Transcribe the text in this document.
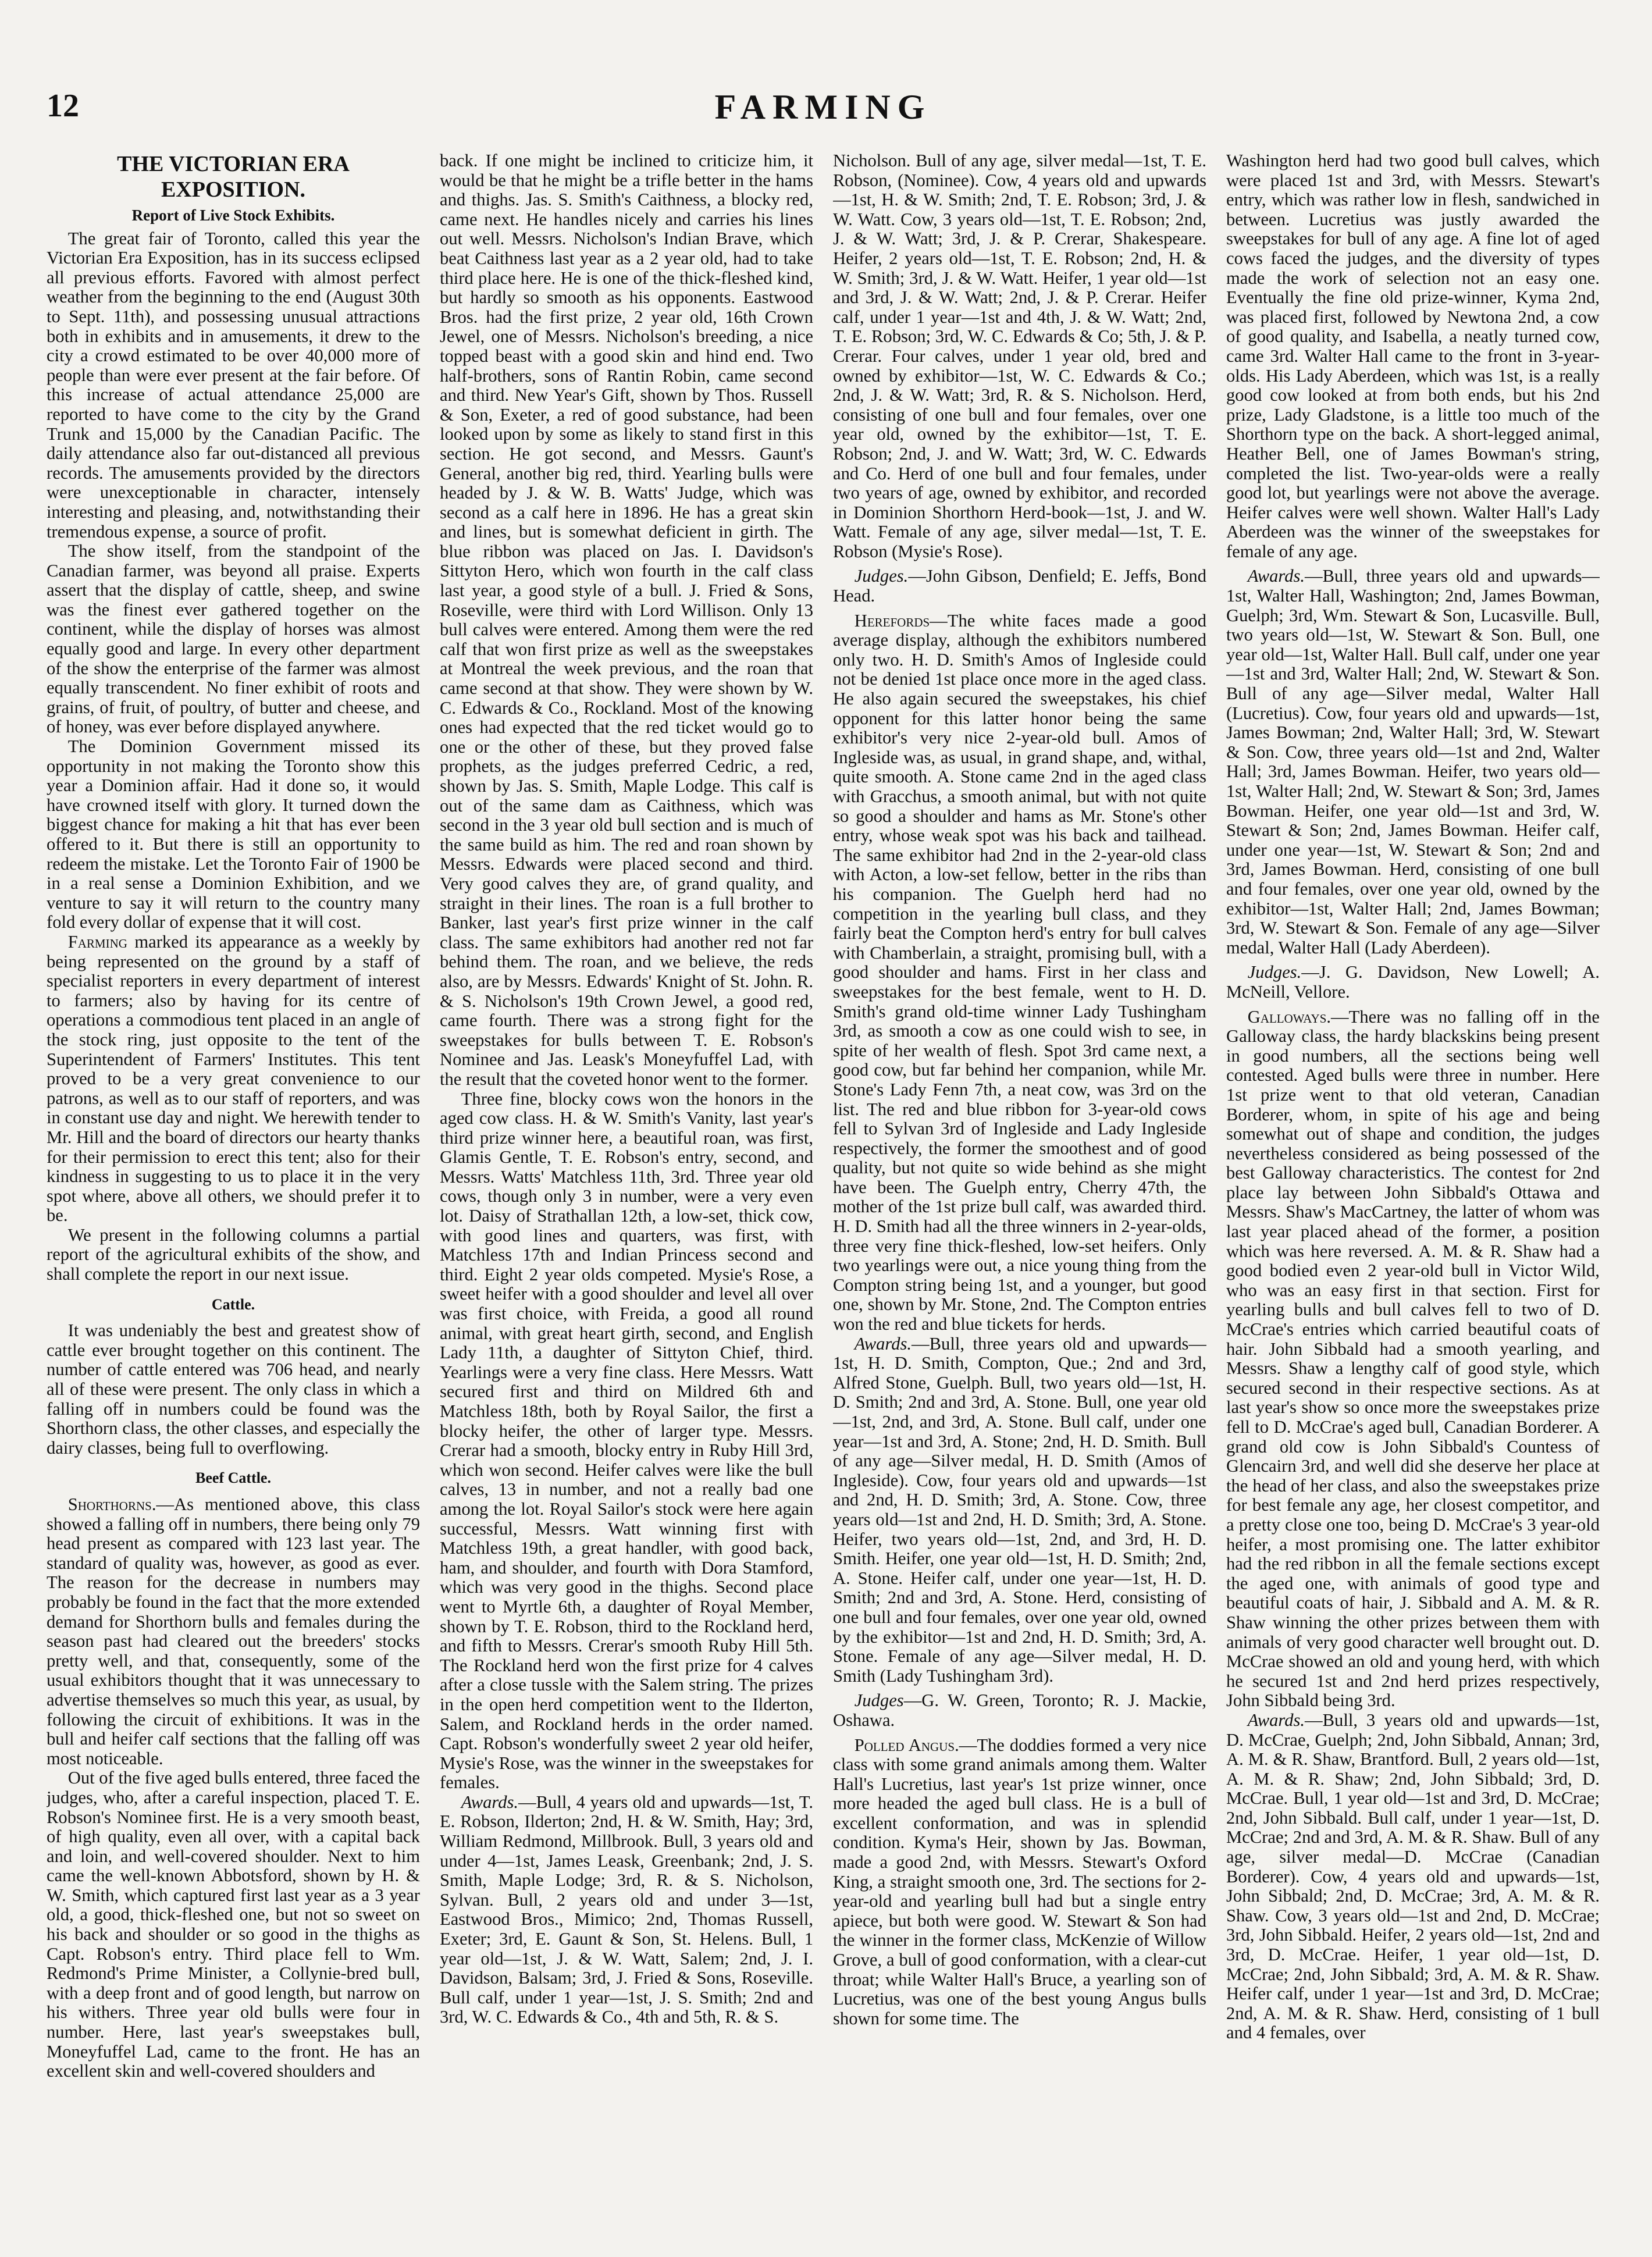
12	FARMING
THE VICTORIAN ERA EXPOSITION.
Report of Live Stock Exhibits.

The great fair of Toronto, called this year the Victorian Era Exposition, has in its success eclipsed all previous efforts. Favored with almost perfect weather from the beginning to the end (August 30th to Sept. 11th), and possessing unusual attractions both in exhibits and in amusements, it drew to the city a crowd estimated to be over 40,000 more of people than were ever present at the fair before. Of this increase of actual attendance 25,000 are reported to have come to the city by the Grand Trunk and 15,000 by the Canadian Pacific. The daily attendance also far out-distanced all previous records. The amusements provided by the directors were unexceptionable in character, intensely interesting and pleasing, and, notwithstanding their tremendous expense, a source of profit.

The show itself, from the standpoint of the Canadian farmer, was beyond all praise. Experts assert that the display of cattle, sheep, and swine was the finest ever gathered together on the continent, while the display of horses was almost equally good and large. In every other department of the show the enterprise of the farmer was almost equally transcendent. No finer exhibit of roots and grains, of fruit, of poultry, of butter and cheese, and of honey, was ever before displayed anywhere.

The Dominion Government missed its opportunity in not making the Toronto show this year a Dominion affair. Had it done so, it would have crowned itself with glory. It turned down the biggest chance for making a hit that has ever been offered to it. But there is still an opportunity to redeem the mistake. Let the Toronto Fair of 1900 be in a real sense a Dominion Exhibition, and we venture to say it will return to the country many fold every dollar of expense that it will cost.

Farming marked its appearance as a weekly by being represented on the ground by a staff of specialist reporters in every department of interest to farmers; also by having for its centre of operations a commodious tent placed in an angle of the stock ring, just opposite to the tent of the Superintendent of Farmers' Institutes. This tent proved to be a very great convenience to our patrons, as well as to our staff of reporters, and was in constant use day and night. We herewith tender to Mr. Hill and the board of directors our hearty thanks for their permission to erect this tent; also for their kindness in suggesting to us to place it in the very spot where, above all others, we should prefer it to be.

We present in the following columns a partial report of the agricultural exhibits of the show, and shall complete the report in our next issue.

Cattle.

It was undeniably the best and greatest show of cattle ever brought together on this continent. The number of cattle entered was 706 head, and nearly all of these were present. The only class in which a falling off in numbers could be found was the Shorthorn class, the other classes, and especially the dairy classes, being full to overflowing.

Beef Cattle.

Shorthorns.—As mentioned above, this class showed a falling off in numbers, there being only 79 head present as compared with 123 last year. The standard of quality was, however, as good as ever. The reason for the decrease in numbers may probably be found in the fact that the more extended demand for Shorthorn bulls and females during the season past had cleared out the breeders' stocks pretty well, and that, consequently, some of the usual exhibitors thought that it was unnecessary to advertise themselves so much this year, as usual, by following the circuit of exhibitions. It was in the bull and heifer calf sections that the falling off was most noticeable.

Out of the five aged bulls entered, three faced the judges, who, after a careful inspection, placed T. E. Robson's Nominee first. He is a very smooth beast, of high quality, even all over, with a capital back and loin, and well-covered shoulder. Next to him came the well-known Abbotsford, shown by H. & W. Smith, which captured first last year as a 3 year old, a good, thick-fleshed one, but not so sweet on his back and shoulder or so good in the thighs as Capt. Robson's entry. Third place fell to Wm. Redmond's Prime Minister, a Collynie-bred bull, with a deep front and of good length, but narrow on his withers. Three year old bulls were four in number. Here, last year's sweepstakes bull, Moneyfuffel Lad, came to the front. He has an excellent skin and well-covered shoulders and

back. If one might be inclined to criticize him, it would be that he might be a trifle better in the hams and thighs. Jas. S. Smith's Caithness, a blocky red, came next. He handles nicely and carries his lines out well. Messrs. Nicholson's Indian Brave, which beat Caithness last year as a 2 year old, had to take third place here. He is one of the thick-fleshed kind, but hardly so smooth as his opponents. Eastwood Bros. had the first prize, 2 year old, 16th Crown Jewel, one of Messrs. Nicholson's breeding, a nice topped beast with a good skin and hind end. Two half-brothers, sons of Rantin Robin, came second and third. New Year's Gift, shown by Thos. Russell & Son, Exeter, a red of good substance, had been looked upon by some as likely to stand first in this section. He got second, and Messrs. Gaunt's General, another big red, third. Yearling bulls were headed by J. & W. B. Watts' Judge, which was second as a calf here in 1896. He has a great skin and lines, but is somewhat deficient in girth. The blue ribbon was placed on Jas. I. Davidson's Sittyton Hero, which won fourth in the calf class last year, a good style of a bull. J. Fried & Sons, Roseville, were third with Lord Willison. Only 13 bull calves were entered. Among them were the red calf that won first prize as well as the sweepstakes at Montreal the week previous, and the roan that came second at that show. They were shown by W. C. Edwards & Co., Rockland. Most of the knowing ones had expected that the red ticket would go to one or the other of these, but they proved false prophets, as the judges preferred Cedric, a red, shown by Jas. S. Smith, Maple Lodge. This calf is out of the same dam as Caithness, which was second in the 3 year old bull section and is much of the same build as him. The red and roan shown by Messrs. Edwards were placed second and third. Very good calves they are, of grand quality, and straight in their lines. The roan is a full brother to Banker, last year's first prize winner in the calf class. The same exhibitors had another red not far behind them. The roan, and we believe, the reds also, are by Messrs. Edwards' Knight of St. John. R. & S. Nicholson's 19th Crown Jewel, a good red, came fourth. There was a strong fight for the sweepstakes for bulls between T. E. Robson's Nominee and Jas. Leask's Moneyfuffel Lad, with the result that the coveted honor went to the former.

Three fine, blocky cows won the honors in the aged cow class. H. & W. Smith's Vanity, last year's third prize winner here, a beautiful roan, was first, Glamis Gentle, T. E. Robson's entry, second, and Messrs. Watts' Matchless 11th, 3rd. Three year old cows, though only 3 in number, were a very even lot. Daisy of Strathallan 12th, a low-set, thick cow, with good lines and quarters, was first, with Matchless 17th and Indian Princess second and third. Eight 2 year olds competed. Mysie's Rose, a sweet heifer with a good shoulder and level all over was first choice, with Freida, a good all round animal, with great heart girth, second, and English Lady 11th, a daughter of Sittyton Chief, third. Yearlings were a very fine class. Here Messrs. Watt secured first and third on Mildred 6th and Matchless 18th, both by Royal Sailor, the first a blocky heifer, the other of larger type. Messrs. Crerar had a smooth, blocky entry in Ruby Hill 3rd, which won second. Heifer calves were like the bull calves, 13 in number, and not a really bad one among the lot. Royal Sailor's stock were here again successful, Messrs. Watt winning first with Matchless 19th, a great handler, with good back, ham, and shoulder, and fourth with Dora Stamford, which was very good in the thighs. Second place went to Myrtle 6th, a daughter of Royal Member, shown by T. E. Robson, third to the Rockland herd, and fifth to Messrs. Crerar's smooth Ruby Hill 5th. The Rockland herd won the first prize for 4 calves after a close tussle with the Salem string. The prizes in the open herd competition went to the Ilderton, Salem, and Rockland herds in the order named. Capt. Robson's wonderfully sweet 2 year old heifer, Mysie's Rose, was the winner in the sweepstakes for females.

Awards.—Bull, 4 years old and upwards—1st, T. E. Robson, Ilderton; 2nd, H. & W. Smith, Hay; 3rd, William Redmond, Millbrook. Bull, 3 years old and under 4—1st, James Leask, Greenbank; 2nd, J. S. Smith, Maple Lodge; 3rd, R. & S. Nicholson, Sylvan. Bull, 2 years old and under 3—1st, Eastwood Bros., Mimico; 2nd, Thomas Russell, Exeter; 3rd, E. Gaunt & Son, St. Helens. Bull, 1 year old—1st, J. & W. Watt, Salem; 2nd, J. I. Davidson, Balsam; 3rd, J. Fried & Sons, Roseville. Bull calf, under 1 year—1st, J. S. Smith; 2nd and 3rd, W. C. Edwards & Co., 4th and 5th, R. & S.

Nicholson. Bull of any age, silver medal—1st, T. E. Robson, (Nominee). Cow, 4 years old and upwards—1st, H. & W. Smith; 2nd, T. E. Robson; 3rd, J. & W. Watt. Cow, 3 years old—1st, T. E. Robson; 2nd, J. & W. Watt; 3rd, J. & P. Crerar, Shakespeare. Heifer, 2 years old—1st, T. E. Robson; 2nd, H. & W. Smith; 3rd, J. & W. Watt. Heifer, 1 year old—1st and 3rd, J. & W. Watt; 2nd, J. & P. Crerar. Heifer calf, under 1 year—1st and 4th, J. & W. Watt; 2nd, T. E. Robson; 3rd, W. C. Edwards & Co; 5th, J. & P. Crerar. Four calves, under 1 year old, bred and owned by exhibitor—1st, W. C. Edwards & Co.; 2nd, J. & W. Watt; 3rd, R. & S. Nicholson. Herd, consisting of one bull and four females, over one year old, owned by the exhibitor—1st, T. E. Robson; 2nd, J. and W. Watt; 3rd, W. C. Edwards and Co. Herd of one bull and four females, under two years of age, owned by exhibitor, and recorded in Dominion Shorthorn Herd-book—1st, J. and W. Watt. Female of any age, silver medal—1st, T. E. Robson (Mysie's Rose).

Judges.—John Gibson, Denfield; E. Jeffs, Bond Head.

Herefords—The white faces made a good average display, although the exhibitors numbered only two. H. D. Smith's Amos of Ingleside could not be denied 1st place once more in the aged class. He also again secured the sweepstakes, his chief opponent for this latter honor being the same exhibitor's very nice 2-year-old bull. Amos of Ingleside was, as usual, in grand shape, and, withal, quite smooth. A. Stone came 2nd in the aged class with Gracchus, a smooth animal, but with not quite so good a shoulder and hams as Mr. Stone's other entry, whose weak spot was his back and tailhead. The same exhibitor had 2nd in the 2-year-old class with Acton, a low-set fellow, better in the ribs than his companion. The Guelph herd had no competition in the yearling bull class, and they fairly beat the Compton herd's entry for bull calves with Chamberlain, a straight, promising bull, with a good shoulder and hams. First in her class and sweepstakes for the best female, went to H. D. Smith's grand old-time winner Lady Tushingham 3rd, as smooth a cow as one could wish to see, in spite of her wealth of flesh. Spot 3rd came next, a good cow, but far behind her companion, while Mr. Stone's Lady Fenn 7th, a neat cow, was 3rd on the list. The red and blue ribbon for 3-year-old cows fell to Sylvan 3rd of Ingleside and Lady Ingleside respectively, the former the smoothest and of good quality, but not quite so wide behind as she might have been. The Guelph entry, Cherry 47th, the mother of the 1st prize bull calf, was awarded third. H. D. Smith had all the three winners in 2-year-olds, three very fine thick-fleshed, low-set heifers. Only two yearlings were out, a nice young thing from the Compton string being 1st, and a younger, but good one, shown by Mr. Stone, 2nd. The Compton entries won the red and blue tickets for herds.

Awards.—Bull, three years old and upwards—1st, H. D. Smith, Compton, Que.; 2nd and 3rd, Alfred Stone, Guelph. Bull, two years old—1st, H. D. Smith; 2nd and 3rd, A. Stone. Bull, one year old—1st, 2nd, and 3rd, A. Stone. Bull calf, under one year—1st and 3rd, A. Stone; 2nd, H. D. Smith. Bull of any age—Silver medal, H. D. Smith (Amos of Ingleside). Cow, four years old and upwards—1st and 2nd, H. D. Smith; 3rd, A. Stone. Cow, three years old—1st and 2nd, H. D. Smith; 3rd, A. Stone. Heifer, two years old—1st, 2nd, and 3rd, H. D. Smith. Heifer, one year old—1st, H. D. Smith; 2nd, A. Stone. Heifer calf, under one year—1st, H. D. Smith; 2nd and 3rd, A. Stone. Herd, consisting of one bull and four females, over one year old, owned by the exhibitor—1st and 2nd, H. D. Smith; 3rd, A. Stone. Female of any age—Silver medal, H. D. Smith (Lady Tushingham 3rd).

Judges—G. W. Green, Toronto; R. J. Mackie, Oshawa.

Polled Angus.—The doddies formed a very nice class with some grand animals among them. Walter Hall's Lucretius, last year's 1st prize winner, once more headed the aged bull class. He is a bull of excellent conformation, and was in splendid condition. Kyma's Heir, shown by Jas. Bowman, made a good 2nd, with Messrs. Stewart's Oxford King, a straight smooth one, 3rd. The sections for 2-year-old and yearling bull had but a single entry apiece, but both were good. W. Stewart & Son had the winner in the former class, McKenzie of Willow Grove, a bull of good conformation, with a clear-cut throat; while Walter Hall's Bruce, a yearling son of Lucretius, was one of the best young Angus bulls shown for some time. The

Washington herd had two good bull calves, which were placed 1st and 3rd, with Messrs. Stewart's entry, which was rather low in flesh, sandwiched in between. Lucretius was justly awarded the sweepstakes for bull of any age. A fine lot of aged cows faced the judges, and the diversity of types made the work of selection not an easy one. Eventually the fine old prize-winner, Kyma 2nd, was placed first, followed by Newtona 2nd, a cow of good quality, and Isabella, a neatly turned cow, came 3rd. Walter Hall came to the front in 3-year-olds. His Lady Aberdeen, which was 1st, is a really good cow looked at from both ends, but his 2nd prize, Lady Gladstone, is a little too much of the Shorthorn type on the back. A short-legged animal, Heather Bell, one of James Bowman's string, completed the list. Two-year-olds were a really good lot, but yearlings were not above the average. Heifer calves were well shown. Walter Hall's Lady Aberdeen was the winner of the sweepstakes for female of any age.

Awards.—Bull, three years old and upwards—1st, Walter Hall, Washington; 2nd, James Bowman, Guelph; 3rd, Wm. Stewart & Son, Lucasville. Bull, two years old—1st, W. Stewart & Son. Bull, one year old—1st, Walter Hall. Bull calf, under one year—1st and 3rd, Walter Hall; 2nd, W. Stewart & Son. Bull of any age—Silver medal, Walter Hall (Lucretius). Cow, four years old and upwards—1st, James Bowman; 2nd, Walter Hall; 3rd, W. Stewart & Son. Cow, three years old—1st and 2nd, Walter Hall; 3rd, James Bowman. Heifer, two years old—1st, Walter Hall; 2nd, W. Stewart & Son; 3rd, James Bowman. Heifer, one year old—1st and 3rd, W. Stewart & Son; 2nd, James Bowman. Heifer calf, under one year—1st, W. Stewart & Son; 2nd and 3rd, James Bowman. Herd, consisting of one bull and four females, over one year old, owned by the exhibitor—1st, Walter Hall; 2nd, James Bowman; 3rd, W. Stewart & Son. Female of any age—Silver medal, Walter Hall (Lady Aberdeen).

Judges.—J. G. Davidson, New Lowell; A. McNeill, Vellore.

Galloways.—There was no falling off in the Galloway class, the hardy blackskins being present in good numbers, all the sections being well contested. Aged bulls were three in number. Here 1st prize went to that old veteran, Canadian Borderer, whom, in spite of his age and being somewhat out of shape and condition, the judges nevertheless considered as being possessed of the best Galloway characteristics. The contest for 2nd place lay between John Sibbald's Ottawa and Messrs. Shaw's MacCartney, the latter of whom was last year placed ahead of the former, a position which was here reversed. A. M. & R. Shaw had a good bodied even 2 year-old bull in Victor Wild, who was an easy first in that section. First for yearling bulls and bull calves fell to two of D. McCrae's entries which carried beautiful coats of hair. John Sibbald had a smooth yearling, and Messrs. Shaw a lengthy calf of good style, which secured second in their respective sections. As at last year's show so once more the sweepstakes prize fell to D. McCrae's aged bull, Canadian Borderer. A grand old cow is John Sibbald's Countess of Glencairn 3rd, and well did she deserve her place at the head of her class, and also the sweepstakes prize for best female any age, her closest competitor, and a pretty close one too, being D. McCrae's 3 year-old heifer, a most promising one. The latter exhibitor had the red ribbon in all the female sections except the aged one, with animals of good type and beautiful coats of hair, J. Sibbald and A. M. & R. Shaw winning the other prizes between them with animals of very good character well brought out. D. McCrae showed an old and young herd, with which he secured 1st and 2nd herd prizes respectively, John Sibbald being 3rd.

Awards.—Bull, 3 years old and upwards—1st, D. McCrae, Guelph; 2nd, John Sibbald, Annan; 3rd, A. M. & R. Shaw, Brantford. Bull, 2 years old—1st, A. M. & R. Shaw; 2nd, John Sibbald; 3rd, D. McCrae. Bull, 1 year old—1st and 3rd, D. McCrae; 2nd, John Sibbald. Bull calf, under 1 year—1st, D. McCrae; 2nd and 3rd, A. M. & R. Shaw. Bull of any age, silver medal—D. McCrae (Canadian Borderer). Cow, 4 years old and upwards—1st, John Sibbald; 2nd, D. McCrae; 3rd, A. M. & R. Shaw. Cow, 3 years old—1st and 2nd, D. McCrae; 3rd, John Sibbald. Heifer, 2 years old—1st, 2nd and 3rd, D. McCrae. Heifer, 1 year old—1st, D. McCrae; 2nd, John Sibbald; 3rd, A. M. & R. Shaw. Heifer calf, under 1 year—1st and 3rd, D. McCrae; 2nd, A. M. & R. Shaw. Herd, consisting of 1 bull and 4 females, over
